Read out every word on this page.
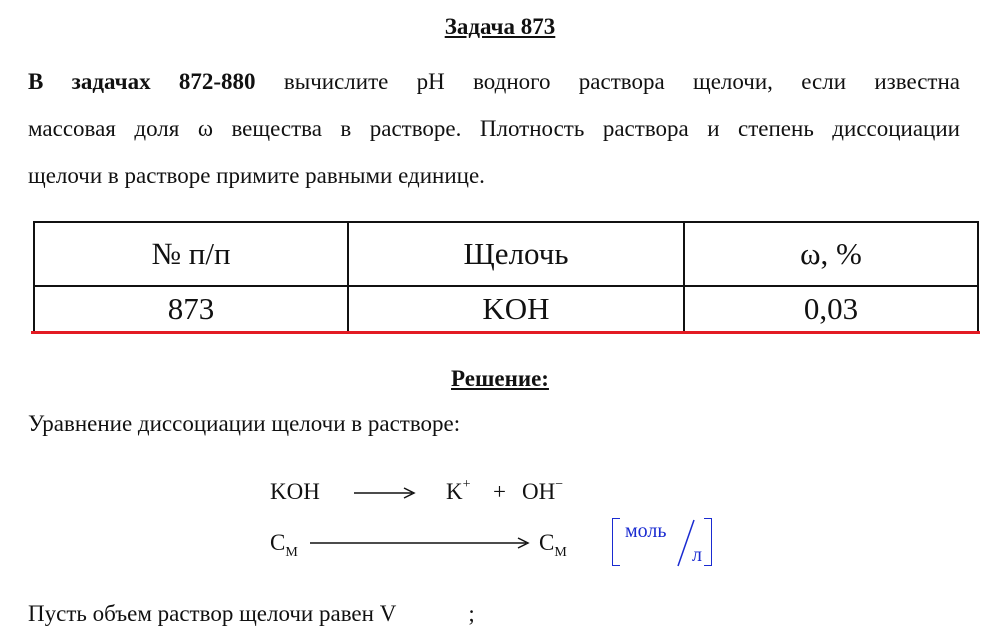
Задача 873
В задачах 872-880 вычислите рН водного раствора щелочи, если известна
массовая доля ω вещества в растворе. Плотность раствора и степень диссоциации
щелочи в растворе примите равными единице.
№ п/п	Щелочь	ω, %
873	KOH	0,03
Решение:
Уравнение диссоциации щелочи в растворе:
KOH	K+ + OH−
$C_M$	$C_M$
моль
л
Пусть объем раствор щелочи равен V	;
